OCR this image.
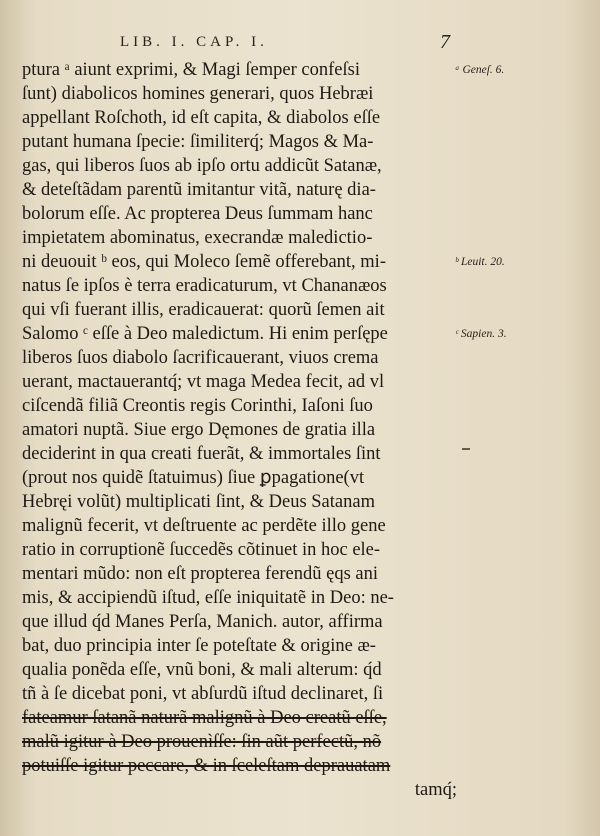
LIB. I. CAP. I.	7
ptura ᵃ aiunt exprimi, & Magi ſemper confeſsi
ſunt) diabolicos homines generari, quos Hebræi
appellant Roſchoth, id eſt capita, & diabolos eſſe
putant humana ſpecie: ſimiliterq́; Magos & Ma-
gas, qui liberos ſuos ab ipſo ortu addicũt Satanæ,
& deteſtãdam parentũ imitantur vitã, naturę dia-
bolorum eſſe. Ac propterea Deus ſummam hanc
impietatem abominatus, execrandæ maledictio-
ni deuouit ᵇ eos, qui Moleco ſemẽ offerebant, mi-
natus ſe ipſos è terra eradicaturum, vt Chananæos
qui vſi fuerant illis, eradicauerat: quorũ ſemen ait
Salomo ᶜ eſſe à Deo maledictum. Hi enim perſępe
liberos ſuos diabolo ſacrificauerant, viuos crema
uerant, mactauerantq́; vt maga Medea fecit, ad vl
ciſcendã filiã Creontis regis Corinthi, Iaſoni ſuo
amatori nuptã. Siue ergo Dęmones de gratia illa
deciderint in qua creati fuerãt, & immortales ſint
(prout nos quidẽ ſtatuimus) ſiue ꝑpagatione(vt
Hebręi volũt) multiplicati ſint, & Deus Satanam
malignũ fecerit, vt deſtruente ac perdẽte illo gene
ratio in corruptionẽ ſuccedẽs cõtinuet in hoc ele-
mentari mũdo: non eſt propterea ferendũ ęqs ani
mis, & accipiendũ iſtud, eſſe iniquitatẽ in Deo: ne-
que illud q́d Manes Perſa, Manich. autor, affirma
bat, duo principia inter ſe poteſtate & origine æ-
qualia ponẽda eſſe, vnũ boni, & mali alterum: q́d
tñ à ſe dicebat poni, vt abſurdũ iſtud declinaret, ſi
fateamur ſatanã naturã malignũ à Deo creatũ eſſe,
malũ igitur à Deo prouenìſſe: ſin aũt perfectũ, nõ
potuiſſe igitur peccare, & in ſceleſtam deprauatam
tamq́;
ᵃ Geneſ. 6.
ᵇ Leuit. 20.
ᶜ Sapien. 3.
